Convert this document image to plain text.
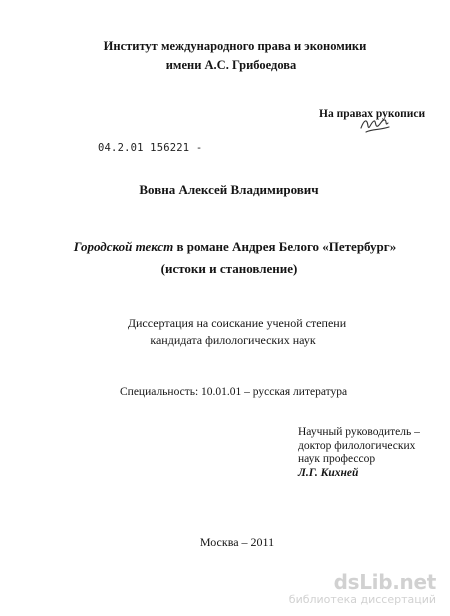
Институт международного права и экономики
имени А.С. Грибоедова
На правах рукописи
04.2.01 156221 -
Вовна Алексей Владимирович
Городской текст в романе Андрея Белого «Петербург»
(истоки и становление)
Диссертация на соискание ученой степени
кандидата филологических наук
Специальность: 10.01.01 – русская литература
Научный руководитель –
доктор филологических
наук профессор
Л.Г. Кихней
Москва – 2011
dsLib.net
библиотека диссертаций
